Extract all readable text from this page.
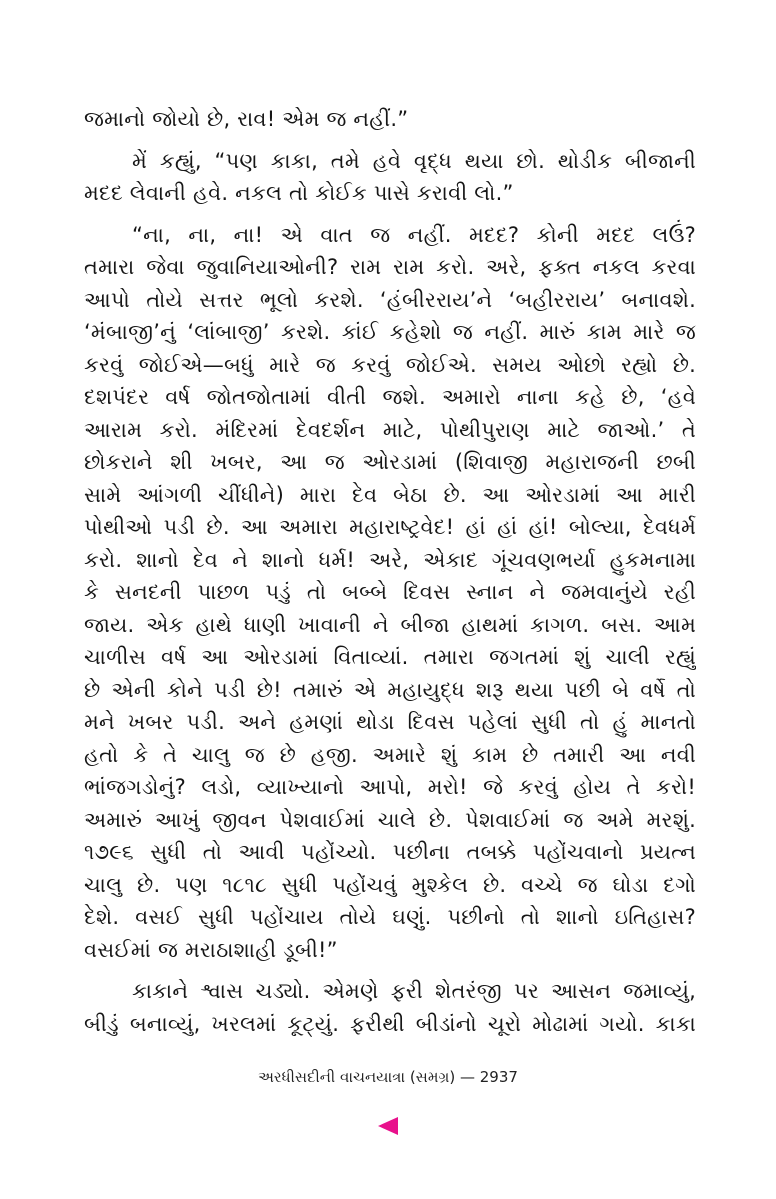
જમાનો જોયો છે, રાવ! એમ જ નહીં.”
મેં કહ્યું, “પણ કાકા, તમે હવે વૃદ્ધ થયા છો. થોડીક બીજાની
મદદ લેવાની હવે. નકલ તો કોઈક પાસે કરાવી લો.”
“ના, ના, ના! એ વાત જ નહીં. મદદ? કોની મદદ લઉં?
તમારા જેવા જુવાનિયાઓની? રામ રામ કરો. અરે, ફક્ત નકલ કરવા
આપો તોયે સત્તર ભૂલો કરશે. ‘હંબીરરાય’ને ‘બહીરરાય’ બનાવશે.
‘મંબાજી’નું ‘લાંબાજી’ કરશે. કાંઈ કહેશો જ નહીં. મારું કામ મારે જ
કરવું જોઈએ—બધું મારે જ કરવું જોઈએ. સમય ઓછો રહ્યો છે.
દશપંદર વર્ષ જોતજોતામાં વીતી જશે. અમારો નાના કહે છે, ‘હવે
આરામ કરો. મંદિરમાં દેવદર્શન માટે, પોથીપુરાણ માટે જાઓ.’ તે
છોકરાને શી ખબર, આ જ ઓરડામાં (શિવાજી મહારાજની છબી
સામે આંગળી ચીંધીને) મારા દેવ બેઠા છે. આ ઓરડામાં આ મારી
પોથીઓ પડી છે. આ અમારા મહારાષ્ટ્રવેદ! હાં હાં હાં! બોલ્યા, દેવધર્મ
કરો. શાનો દેવ ને શાનો ધર્મ! અરે, એકાદ ગૂંચવણભર્યા હુકમનામા
કે સનદની પાછળ પડું તો બબ્બે દિવસ સ્નાન ને જમવાનુંયે રહી
જાય. એક હાથે ધાણી ખાવાની ને બીજા હાથમાં કાગળ. બસ. આમ
ચાળીસ વર્ષ આ ઓરડામાં વિતાવ્યાં. તમારા જગતમાં શું ચાલી રહ્યું
છે એની કોને પડી છે! તમારું એ મહાયુદ્ધ શરૂ થયા પછી બે વર્ષે તો
મને ખબર પડી. અને હમણાં થોડા દિવસ પહેલાં સુધી તો હું માનતો
હતો કે તે ચાલુ જ છે હજી. અમારે શું કામ છે તમારી આ નવી
ભાંજગડોનું? લડો, વ્યાખ્યાનો આપો, મરો! જે કરવું હોય તે કરો!
અમારું આખું જીવન પેશવાઈમાં ચાલે છે. પેશવાઈમાં જ અમે મરશું.
૧૭૯૬ સુધી તો આવી પહોંચ્યો. પછીના તબક્કે પહોંચવાનો પ્રયત્ન
ચાલુ છે. પણ ૧૮૧૮ સુધી પહોંચવું મુશ્કેલ છે. વચ્ચે જ ઘોડા દગો
દેશે. વસઈ સુધી પહોંચાય તોયે ઘણું. પછીનો તો શાનો ઇતિહાસ?
વસઈમાં જ મરાઠાશાહી ડૂબી!”
કાકાને શ્વાસ ચડ્યો. એમણે ફરી શેતરંજી પર આસન જમાવ્યું,
બીડું બનાવ્યું, ખરલમાં કૂટ્યું. ફરીથી બીડાંનો ચૂરો મોઢામાં ગયો. કાકા
અરધીસદીની વાચનયાત્રા (સમગ્ર) — 2937
